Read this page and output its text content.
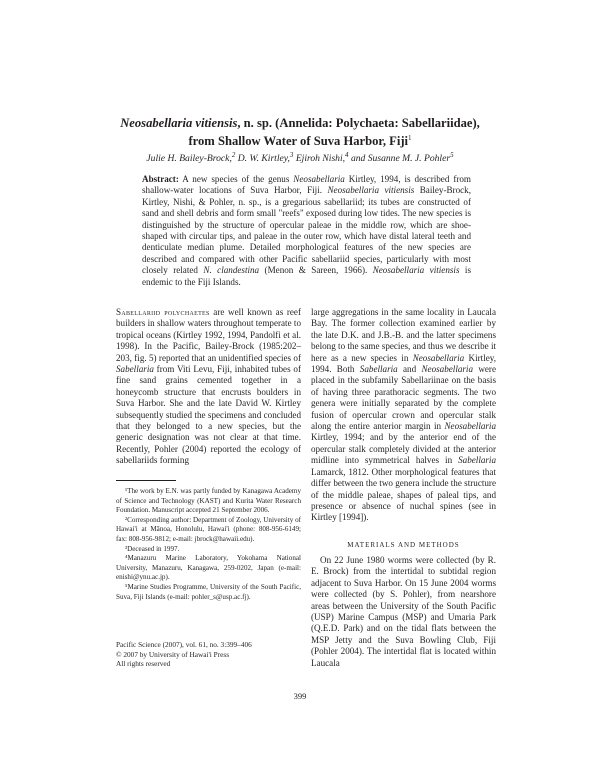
Neosabellaria vitiensis, n. sp. (Annelida: Polychaeta: Sabellariidae),
from Shallow Water of Suva Harbor, Fiji$^1$
Julie H. Bailey-Brock,$^2$ D. W. Kirtley,$^3$ Ejiroh Nishi,$^4$ and Susanne M. J. Pohler$^5$

Abstract: A new species of the genus Neosabellaria Kirtley, 1994, is described from shallow-water locations of Suva Harbor, Fiji. Neosabellaria vitiensis Bailey-Brock, Kirtley, Nishi, & Pohler, n. sp., is a gregarious sabellariid; its tubes are constructed of sand and shell debris and form small "reefs" exposed during low tides. The new species is distinguished by the structure of opercular paleae in the middle row, which are shoe-shaped with circular tips, and paleae in the outer row, which have distal lateral teeth and denticulate median plume. Detailed morphological features of the new species are described and compared with other Pacific sabellariid species, particularly with most closely related N. clandestina (Menon & Sareen, 1966). Neosabellaria vitiensis is endemic to the Fiji Islands.

Sabellariid polychaetes are well known as reef builders in shallow waters throughout temperate to tropical oceans (Kirtley 1992, 1994, Pandolfi et al. 1998). In the Pacific, Bailey-Brock (1985:202–203, fig. 5) reported that an unidentified species of Sabellaria from Viti Levu, Fiji, inhabited tubes of fine sand grains cemented together in a honeycomb structure that encrusts boulders in Suva Harbor. She and the late David W. Kirtley subsequently studied the specimens and concluded that they belonged to a new species, but the generic designation was not clear at that time. Recently, Pohler (2004) reported the ecology of sabellariids forming

¹The work by E.N. was partly funded by Kanagawa Academy of Science and Technology (KAST) and Kurita Water Research Foundation. Manuscript accepted 21 September 2006.

²Corresponding author: Department of Zoology, University of Hawai'i at Mānoa, Honolulu, Hawai'i (phone: 808-956-6149; fax: 808-956-9812; e-mail: jbrock@hawaii.edu).

³Deceased in 1997.

⁴Manazuru Marine Laboratory, Yokohama National University, Manazuru, Kanagawa, 259-0202, Japan (e-mail: enishi@ynu.ac.jp).

⁵Marine Studies Programme, University of the South Pacific, Suva, Fiji Islands (e-mail: pohler_s@usp.ac.fj).

Pacific Science (2007), vol. 61, no. 3:399–406
© 2007 by University of Hawai'i Press
All rights reserved

large aggregations in the same locality in Laucala Bay. The former collection examined earlier by the late D.K. and J.B.-B. and the latter specimens belong to the same species, and thus we describe it here as a new species in Neosabellaria Kirtley, 1994. Both Sabellaria and Neosabellaria were placed in the subfamily Sabellariinae on the basis of having three parathoracic segments. The two genera were initially separated by the complete fusion of opercular crown and opercular stalk along the entire anterior margin in Neosabellaria Kirtley, 1994; and by the anterior end of the opercular stalk completely divided at the anterior midline into symmetrical halves in Sabellaria Lamarck, 1812. Other morphological features that differ between the two genera include the structure of the middle paleae, shapes of paleal tips, and presence or absence of nuchal spines (see in Kirtley [1994]).

MATERIALS AND METHODS

On 22 June 1980 worms were collected (by R. E. Brock) from the intertidal to subtidal region adjacent to Suva Harbor. On 15 June 2004 worms were collected (by S. Pohler), from nearshore areas between the University of the South Pacific (USP) Marine Campus (MSP) and Umaria Park (Q.E.D. Park) and on the tidal flats between the MSP Jetty and the Suva Bowling Club, Fiji (Pohler 2004). The intertidal flat is located within Laucala

399
